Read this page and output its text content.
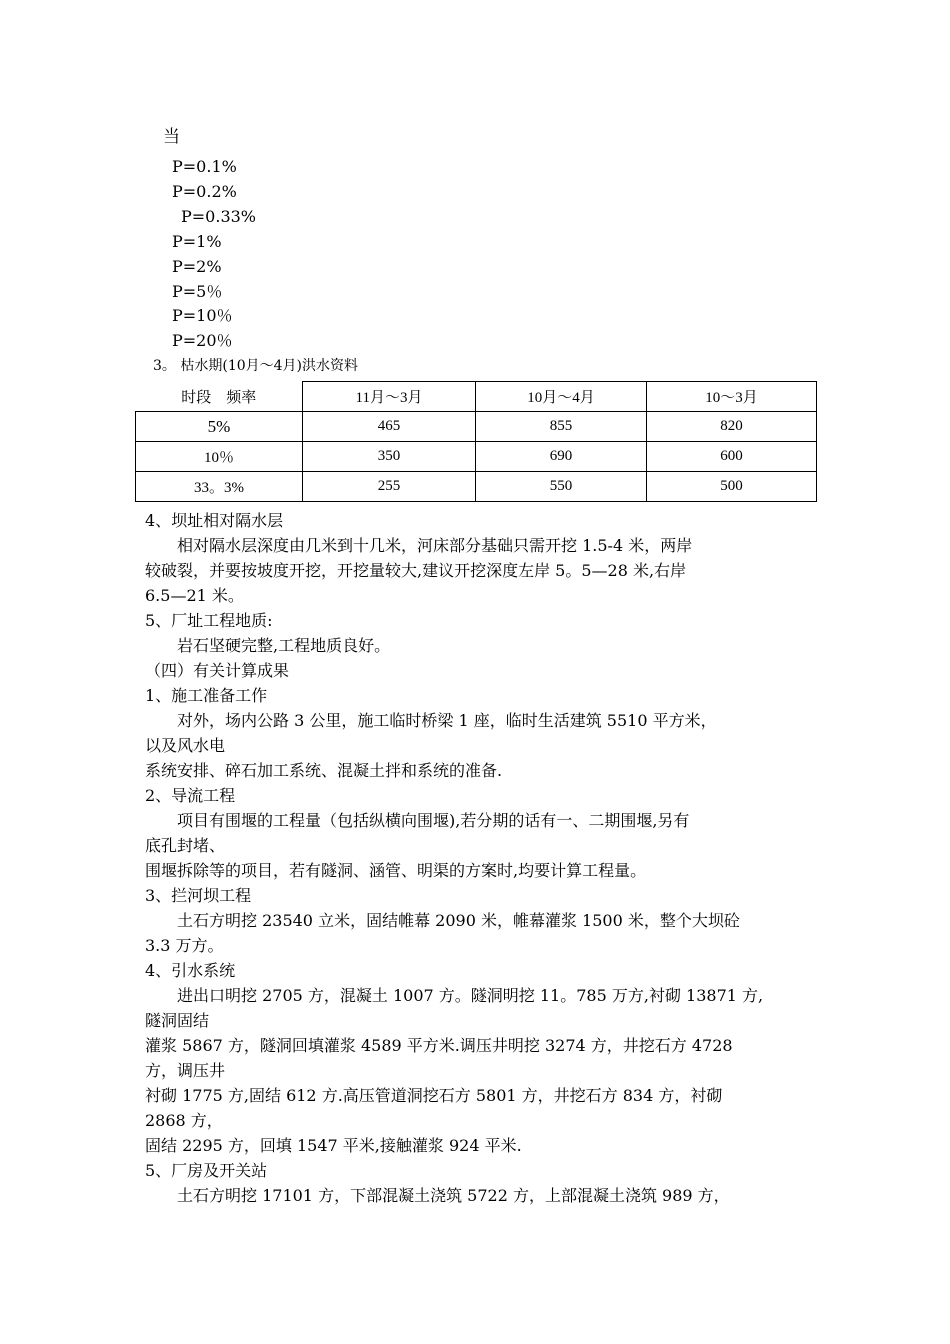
当
P=0.1%
P=0.2%
P=0.33%
P=1%
P=2%
P=5％
P=10％
P=20％
3。 枯水期(10月～4月)洪水资料
时段　频率	11月～3月	10月～4月	10～3月
5%	465	855	820
10％	350	690	600
33。3%	255	550	500
4、坝址相对隔水层
　　相对隔水层深度由几米到十几米，河床部分基础只需开挖 1.5-4 米，两岸
较破裂，并要按坡度开挖，开挖量较大,建议开挖深度左岸 5。5—28 米,右岸
6.5—21 米。
5、厂址工程地质:
　　岩石坚硬完整,工程地质良好。
（四）有关计算成果
1、施工准备工作
　　对外，场内公路 3 公里，施工临时桥梁 1 座，临时生活建筑 5510 平方米，
以及风水电
系统安排、碎石加工系统、混凝土拌和系统的准备.
2、导流工程
　　项目有围堰的工程量（包括纵横向围堰),若分期的话有一、二期围堰,另有
底孔封堵、
围堰拆除等的项目，若有隧洞、涵管、明渠的方案时,均要计算工程量。
3、拦河坝工程
　　土石方明挖 23540 立米，固结帷幕 2090 米，帷幕灌浆 1500 米，整个大坝砼
3.3 万方。
4、引水系统
　　进出口明挖 2705 方，混凝土 1007 方。隧洞明挖 11。785 万方,衬砌 13871 方,
隧洞固结
灌浆 5867 方，隧洞回填灌浆 4589 平方米.调压井明挖 3274 方，井挖石方 4728
方，调压井
衬砌 1775 方,固结 612 方.高压管道洞挖石方 5801 方，井挖石方 834 方，衬砌
2868 方，
固结 2295 方，回填 1547 平米,接触灌浆 924 平米.
5、厂房及开关站
　　土石方明挖 17101 方，下部混凝土浇筑 5722 方，上部混凝土浇筑 989 方，
